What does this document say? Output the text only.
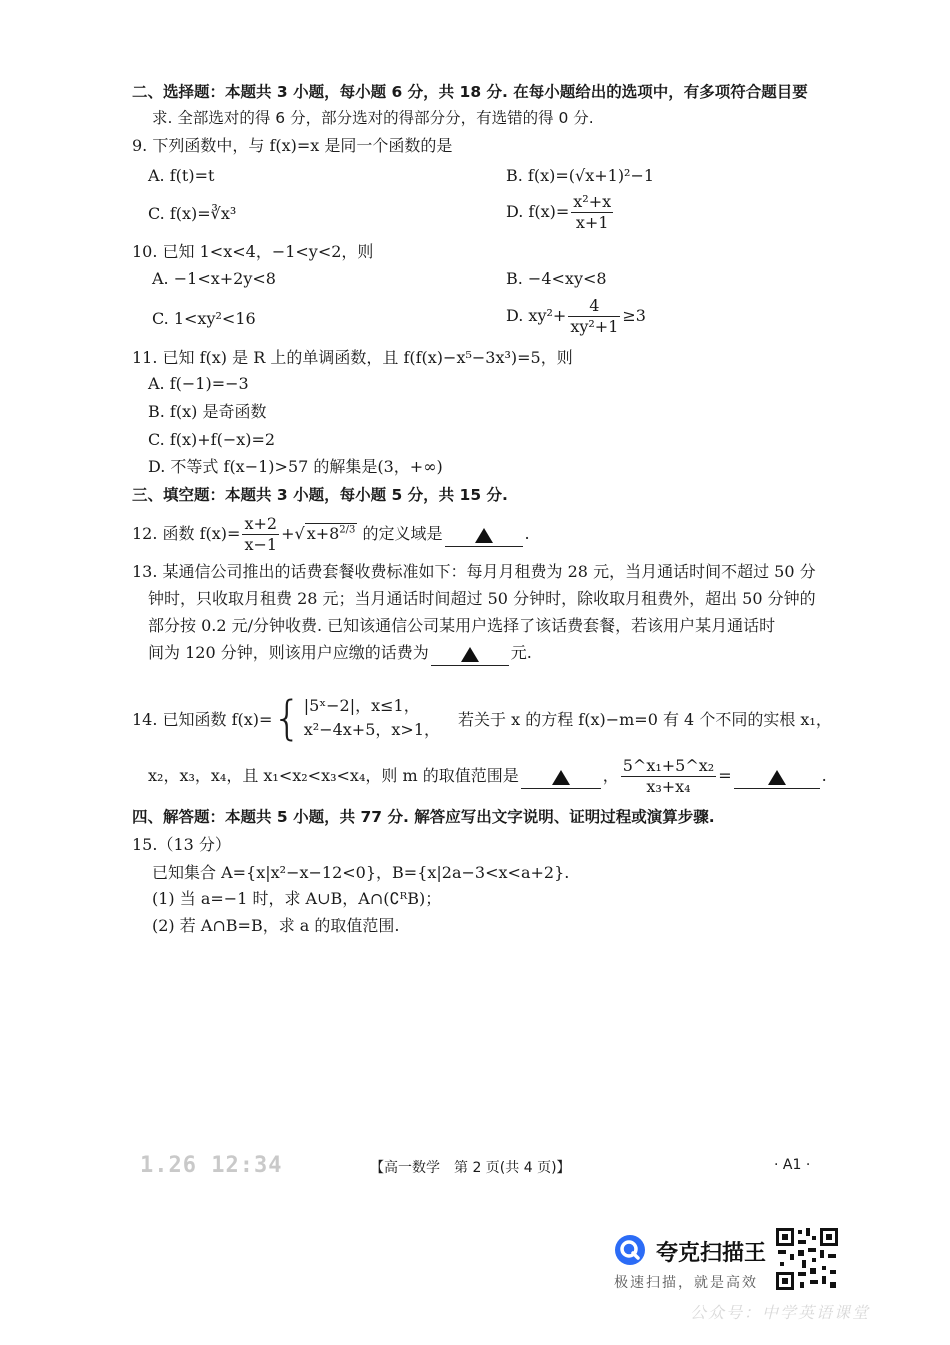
二、选择题：本题共 3 小题，每小题 6 分，共 18 分. 在每小题给出的选项中，有多项符合题目要
求. 全部选对的得 6 分，部分选对的得部分分，有选错的得 0 分.
9. 下列函数中，与 f(x)=x 是同一个函数的是
A. f(t)=t	B. f(x)=(√x+1)²−1
C. f(x)=∛x³	D. $f(x)= \frac{\text{x²+x}}{x+1}$
10. 已知 1<x<4，−1<y<2，则
A. −1<x+2y<8	B. −4<xy<8
C. 1<xy²<16	D. $xy^2+ \frac{4}{\text{xy²+1}} \ge 3$
11. 已知 f(x) 是 R 上的单调函数，且 f(f(x)−x⁵−3x³)=5，则
A. f(−1)=−3
B. f(x) 是奇函数
C. f(x)+f(−x)=2
D. 不等式 f(x−1)>57 的解集是(3，+∞)
三、填空题：本题共 3 小题，每小题 5 分，共 15 分.
12. 函数 $f(x)= \frac{x+2}{x-1}$ +√ $x+8^{2/3}$ 的定义域是	.
13. 某通信公司推出的话费套餐收费标准如下：每月月租费为 28 元，当月通话时间不超过 50 分
钟时，只收取月租费 28 元；当月通话时间超过 50 分钟时，除收取月租费外，超出 50 分钟的
部分按 0.2 元/分钟收费. 已知该通信公司某用户选择了该话费套餐，若该用户某月通话时
间为 120 分钟，则该用户应缴的话费为	元.
14. 已知函数 f(x)= { |5ˣ−2|，x≤1，
x²−4x+5，x>1，
若关于 x 的方程 f(x)−m=0 有 4 个不同的实根 x₁，
x₂，x₃，x₄，且 x₁<x₂<x₃<x₄，则 m 的取值范围是	， $\frac{\text{5\textasciicircum{}x₁+5\textasciicircum{}x₂}}{\text{x₃+x₄}}$ =	.
四、解答题：本题共 5 小题，共 77 分. 解答应写出文字说明、证明过程或演算步骤.
15.（13 分）
已知集合 A={x|x²−x−12<0}，B={x|2a−3<x<a+2}.
(1) 当 a=−1 时，求 A∪B，A∩(∁ᴿB)；
(2) 若 A∩B=B，求 a 的取值范围.
1.26 12:34	【高一数学　第 2 页(共 4 页)】	· A1 ·
夸克扫描王
极速扫描，就是高效
公众号：中学英语课堂
